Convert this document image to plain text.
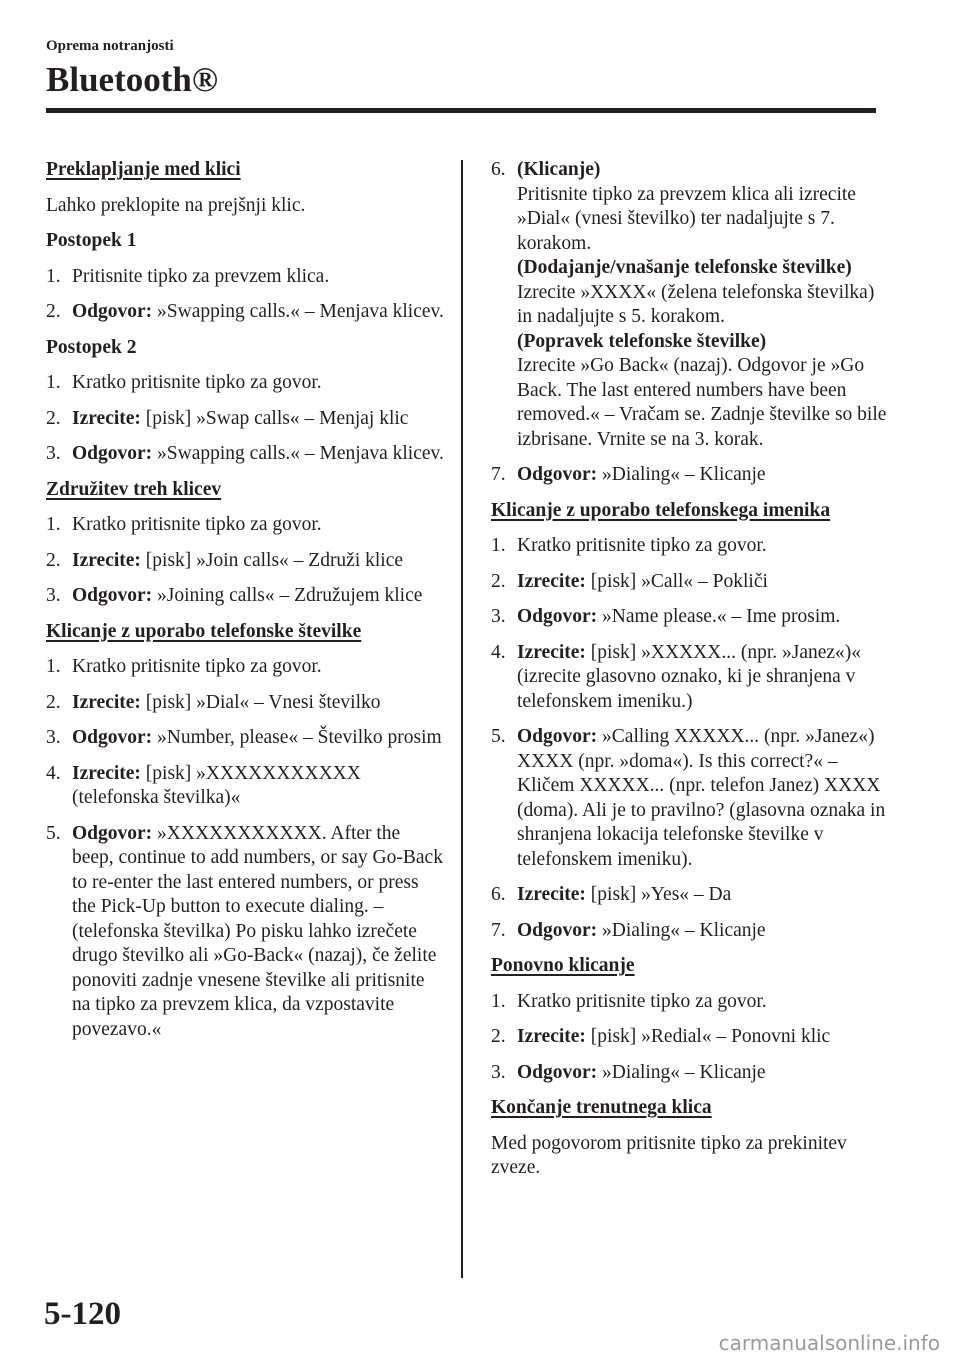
Oprema notranjosti
Bluetooth®

Preklapljanje med klici

Lahko preklopite na prejšnji klic.

Postopek 1

1. Pritisnite tipko za prevzem klica.
2. Odgovor: »Swapping calls.« – Menjava klicev.

Postopek 2

1. Kratko pritisnite tipko za govor.
2. Izrecite: [pisk] »Swap calls« – Menjaj klic
3. Odgovor: »Swapping calls.« – Menjava klicev.

Združitev treh klicev

1. Kratko pritisnite tipko za govor.
2. Izrecite: [pisk] »Join calls« – Združi klice
3. Odgovor: »Joining calls« – Združujem klice

Klicanje z uporabo telefonske številke

1. Kratko pritisnite tipko za govor.
2. Izrecite: [pisk] »Dial« – Vnesi številko
3. Odgovor: »Number, please« – Številko prosim
4. Izrecite: [pisk] »XXXXXXXXXXX (telefonska številka)«
5. Odgovor: »XXXXXXXXXXX. After the beep, continue to add numbers, or say Go-Back to re-enter the last entered numbers, or press the Pick-Up button to execute dialing. – (telefonska številka) Po pisku lahko izrečete drugo številko ali »Go-Back« (nazaj), če želite ponoviti zadnje vnesene številke ali pritisnite na tipko za prevzem klica, da vzpostavite povezavo.«
6. (Klicanje)
Pritisnite tipko za prevzem klica ali izrecite »Dial« (vnesi številko) ter nadaljujte s 7. korakom.
(Dodajanje/vnašanje telefonske številke)
Izrecite »XXXX« (želena telefonska številka) in nadaljujte s 5. korakom.
(Popravek telefonske številke)
Izrecite »Go Back« (nazaj). Odgovor je »Go Back. The last entered numbers have been removed.« – Vračam se. Zadnje številke so bile izbrisane. Vrnite se na 3. korak.
7. Odgovor: »Dialing« – Klicanje

Klicanje z uporabo telefonskega imenika

1. Kratko pritisnite tipko za govor.
2. Izrecite: [pisk] »Call« – Pokliči
3. Odgovor: »Name please.« – Ime prosim.
4. Izrecite: [pisk] »XXXXX... (npr. »Janez«)« (izrecite glasovno oznako, ki je shranjena v telefonskem imeniku.)
5. Odgovor: »Calling XXXXX... (npr. »Janez«) XXXX (npr. »doma«). Is this correct?« – Kličem XXXXX... (npr. telefon Janez) XXXX (doma). Ali je to pravilno? (glasovna oznaka in shranjena lokacija telefonske številke v telefonskem imeniku).
6. Izrecite: [pisk] »Yes« – Da
7. Odgovor: »Dialing« – Klicanje

Ponovno klicanje

1. Kratko pritisnite tipko za govor.
2. Izrecite: [pisk] »Redial« – Ponovni klic
3. Odgovor: »Dialing« – Klicanje

Končanje trenutnega klica

Med pogovorom pritisnite tipko za prekinitev zveze.

5-120
carmanualsonline.info
